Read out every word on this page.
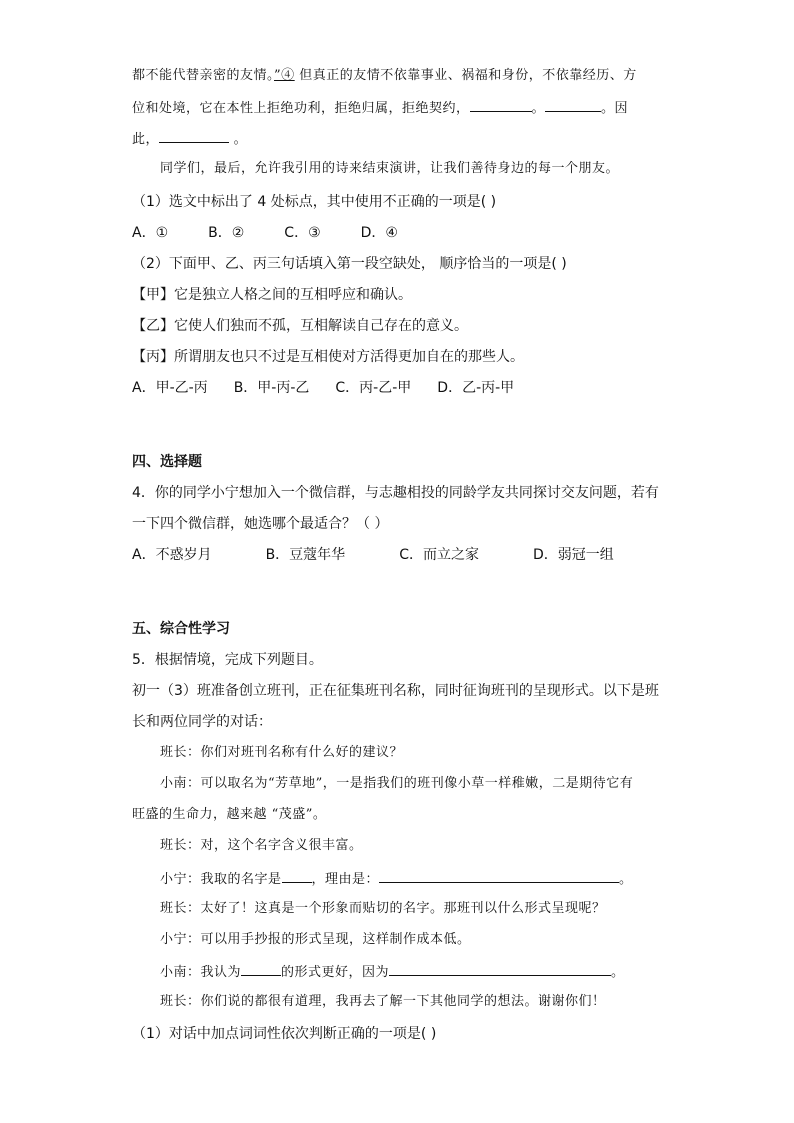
都不能代替亲密的友情。”④ 但真正的友情不依靠事业、祸福和身份，不依靠经历、方
位和处境，它在本性上拒绝功利，拒绝归属，拒绝契约，	。	。因
此，	。
同学们，最后，允许我引用的诗来结束演讲，让我们善待身边的每一个朋友。
（1）选文中标出了 4 处标点，其中使用不正确的一项是( )
A．①	B．②	C．③	D．④
（2）下面甲、乙、丙三句话填入第一段空缺处， 顺序恰当的一项是( )
【甲】它是独立人格之间的互相呼应和确认。
【乙】它使人们独而不孤，互相解读自己存在的意义。
【丙】所谓朋友也只不过是互相使对方活得更加自在的那些人。
A．甲-乙-丙 B．甲-丙-乙 C．丙-乙-甲 D．乙-丙-甲
四、选择题
4．你的同学小宁想加入一个微信群，与志趣相投的同龄学友共同探讨交友问题，若有
一下四个微信群，她选哪个最适合？（ ）
A．不惑岁月	B．豆蔻年华	C．而立之家	D．弱冠一组
五、综合性学习
5．根据情境，完成下列题目。
初一（3）班准备创立班刊，正在征集班刊名称，同时征询班刊的呈现形式。以下是班
长和两位同学的对话：
班长：你们对班刊名称有什么好的建议？
小南：可以取名为“芳草地”，一是指我们的班刊像小草一样稚嫩，二是期待它有
旺盛的生命力，越来越 “茂盛”。
班长：对，这个名字含义很丰富。
小宁：我取的名字是 ，理由是：	。
班长：太好了！这真是一个形象而贴切的名字。那班刊以什么形式呈现呢？
小宁：可以用手抄报的形式呈现，这样制作成本低。
小南：我认为	的形式更好，因为	。
班长：你们说的都很有道理，我再去了解一下其他同学的想法。谢谢你们！
（1）对话中加点词词性依次判断正确的一项是( )
